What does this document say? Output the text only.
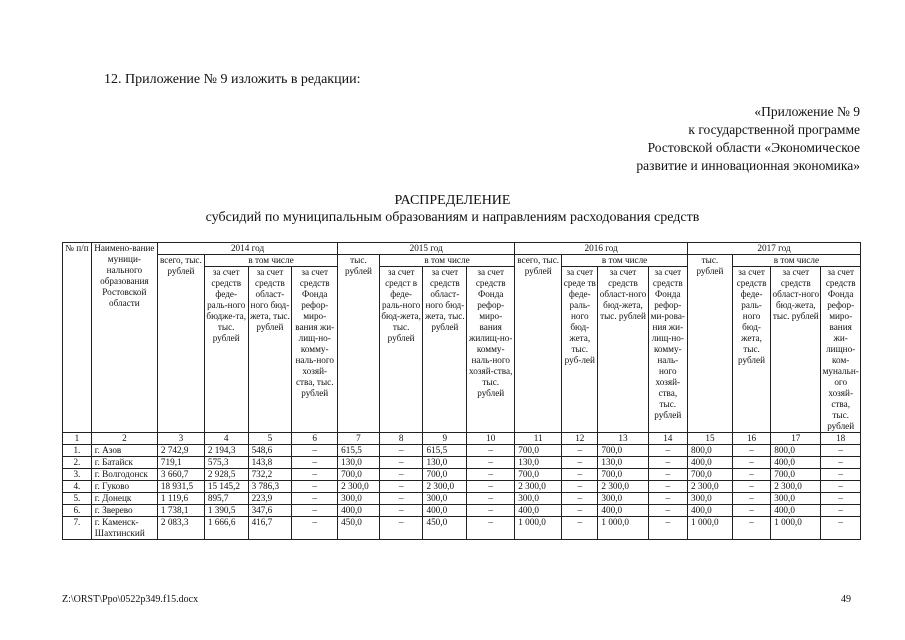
12. Приложение № 9 изложить в редакции:
«Приложение № 9
к государственной программе
Ростовской области «Экономическое
развитие и инновационная экономика»
РАСПРЕДЕЛЕНИЕ
субсидий по муниципальным образованиям и направлениям расходования средств
№ п/п	Наимено-вание муници-нального образования Ростовской области	2014 год				2015 год				2016 год				2017 год			
		всего, тыс. рублей	в том числе			тыс. рублей	в том числе			всего, тыс. рублей	в том числе			тыс. рублей	в том числе		
			за счет средств феде-раль-ного бюдже-та, тыс. рублей	за счет средств област-ного бюд-жета, тыс. рублей	за счет средств Фонда рефор-миро-вания жи-лищ-но-комму-наль-ного хозяй-ства, тыс. рублей		за счет средст в феде-раль-ного бюд-жета, тыс. рублей	за счет средств област-ного бюд-жета, тыс. рублей	за счет средств Фонда рефор-миро-вания жилищ-но-комму-наль-ного хозяй-ства, тыс. рублей		за счет среде тв феде-раль-ного бюд-жета, тыс. руб-лей	за счет средств област-ного бюд-жета, тыс. рублей	за счет средств Фонда рефор-ми-рова-ния жи-лищ-но-комму-наль-ного хозяй-ства, тыс. рублей		за счет средств феде-раль-ного бюд-жета, тыс. рублей	за счет средств област-ного бюд-жета, тыс. рублей	за счет средств Фонда рефор-миро-вания жи-лищно-ком-мунальн-ого хозяй-ства, тыс. рублей
1	2	3	4	5	6	7	8	9	10	11	12	13	14	15	16	17	18
1.	г. Азов	2 742,9	2 194,3	548,6	–	615,5	–	615,5	–	700,0	–	700,0	–	800,0	–	800,0	–
2.	г. Батайск	719,1	575,3	143,8	–	130,0	–	130,0	–	130,0	–	130,0	–	400,0	–	400,0	–
3.	г. Волгодонск	3 660,7	2 928,5	732,2	–	700,0	–	700,0	–	700,0	–	700,0	–	700,0	–	700,0	–
4.	г. Гуково	18 931,5	15 145,2	3 786,3	–	2 300,0	–	2 300,0	–	2 300,0	–	2 300,0	–	2 300,0	–	2 300,0	–
5.	г. Донецк	1 119,6	895,7	223,9	–	300,0	–	300,0	–	300,0	–	300,0	–	300,0	–	300,0	–
6.	г. Зверево	1 738,1	1 390,5	347,6	–	400,0	–	400,0	–	400,0	–	400,0	–	400,0	–	400,0	–
7.	г. Каменск-Шахтинский	2 083,3	1 666,6	416,7	–	450,0	–	450,0	–	1 000,0	–	1 000,0	–	1 000,0	–	1 000,0	–
Z:\ORST\Ppo\0522p349.f15.docx	49
